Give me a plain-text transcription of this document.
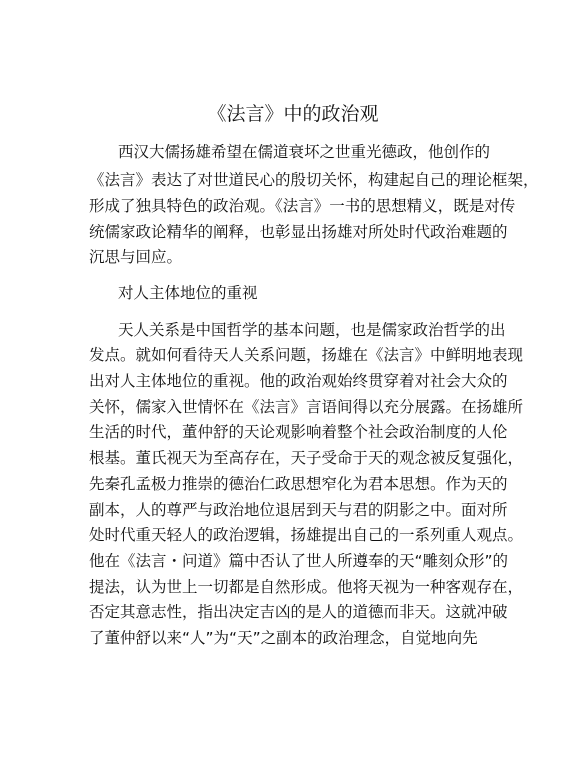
《法言》中的政治观

西汉大儒扬雄希望在儒道衰坏之世重光德政，他创作的

《法言》表达了对世道民心的殷切关怀，构建起自己的理论框架，

形成了独具特色的政治观。《法言》一书的思想精义，既是对传

统儒家政论精华的阐释，也彰显出扬雄对所处时代政治难题的

沉思与回应。

对人主体地位的重视

天人关系是中国哲学的基本问题，也是儒家政治哲学的出

发点。就如何看待天人关系问题，扬雄在《法言》中鲜明地表现

出对人主体地位的重视。他的政治观始终贯穿着对社会大众的

关怀，儒家入世情怀在《法言》言语间得以充分展露。在扬雄所

生活的时代，董仲舒的天论观影响着整个社会政治制度的人伦

根基。董氏视天为至高存在，天子受命于天的观念被反复强化，

先秦孔孟极力推崇的德治仁政思想窄化为君本思想。作为天的

副本，人的尊严与政治地位退居到天与君的阴影之中。面对所

处时代重天轻人的政治逻辑，扬雄提出自己的一系列重人观点。

他在《法言・问道》篇中否认了世人所遵奉的天“雕刻众形”的

提法，认为世上一切都是自然形成。他将天视为一种客观存在，

否定其意志性，指出决定吉凶的是人的道德而非天。这就冲破

了董仲舒以来“人”为“天”之副本的政治理念，自觉地向先
